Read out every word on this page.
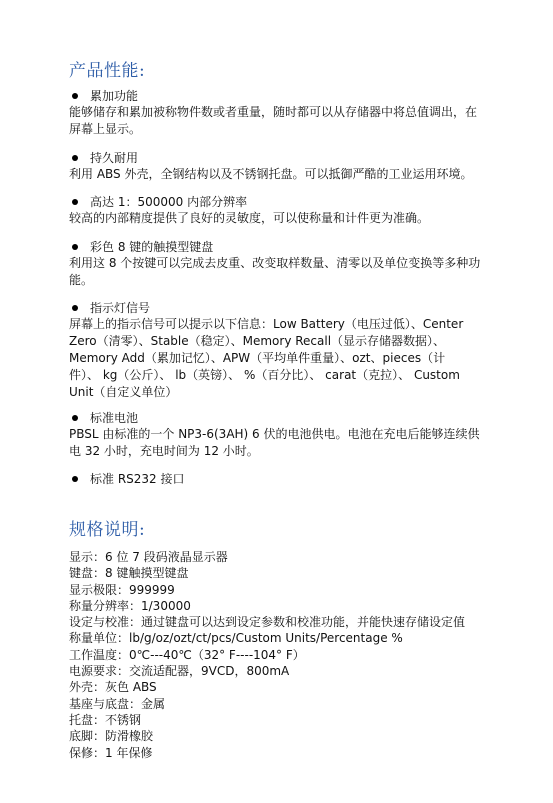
产品性能:
累加功能
能够储存和累加被称物件数或者重量，随时都可以从存储器中将总值调出，在
屏幕上显示。
持久耐用
利用 ABS 外壳，全钢结构以及不锈钢托盘。可以抵御严酷的工业运用环境。
高达 1：500000 内部分辨率
较高的内部精度提供了良好的灵敏度，可以使称量和计件更为准确。
彩色 8 键的触摸型键盘
利用这 8 个按键可以完成去皮重、改变取样数量、清零以及单位变换等多种功
能。
指示灯信号
屏幕上的指示信号可以提示以下信息：Low Battery（电压过低）、Center
Zero（清零）、Stable（稳定）、Memory Recall（显示存储器数据）、
Memory Add（累加记忆）、APW（平均单件重量）、ozt、pieces（计
件）、 kg（公斤）、 lb（英镑）、 %（百分比）、 carat（克拉）、 Custom
Unit（自定义单位）
标准电池
PBSL 由标准的一个 NP3-6(3AH) 6 伏的电池供电。电池在充电后能够连续供
电 32 小时，充电时间为 12 小时。
标准 RS232 接口
规格说明:
显示：6 位 7 段码液晶显示器
键盘：8 键触摸型键盘
显示极限：999999
称量分辨率：1/30000
设定与校准：通过键盘可以达到设定参数和校准功能，并能快速存储设定值
称量单位：lb/g/oz/ozt/ct/pcs/Custom Units/Percentage %
工作温度：0℃---40℃（32° F----104° F）
电源要求：交流适配器，9VCD，800mA
外壳：灰色 ABS
基座与底盘：金属
托盘：不锈钢
底脚：防滑橡胶
保修：1 年保修
